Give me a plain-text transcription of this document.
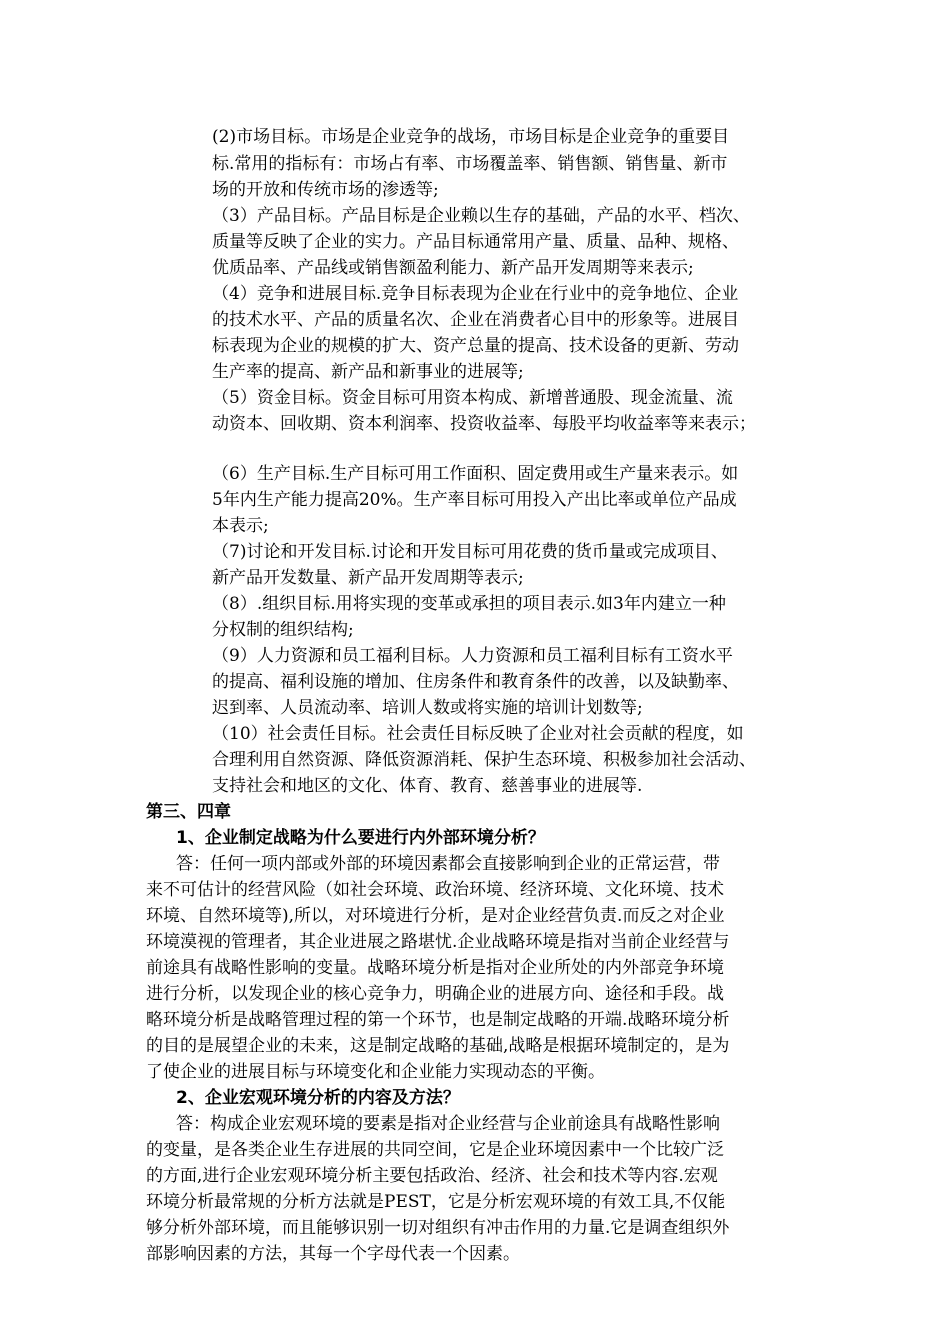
(2)市场目标。市场是企业竞争的战场，市场目标是企业竞争的重要目

标.常用的指标有：市场占有率、市场覆盖率、销售额、销售量、新市

场的开放和传统市场的渗透等;

（3）产品目标。产品目标是企业赖以生存的基础，产品的水平、档次、

质量等反映了企业的实力。产品目标通常用产量、质量、品种、规格、

优质品率、产品线或销售额盈利能力、新产品开发周期等来表示;

（4）竞争和进展目标.竞争目标表现为企业在行业中的竞争地位、企业

的技术水平、产品的质量名次、企业在消费者心目中的形象等。进展目

标表现为企业的规模的扩大、资产总量的提高、技术设备的更新、劳动

生产率的提高、新产品和新事业的进展等;

（5）资金目标。资金目标可用资本构成、新增普通股、现金流量、流

动资本、回收期、资本利润率、投资收益率、每股平均收益率等来表示；

（6）生产目标.生产目标可用工作面积、固定费用或生产量来表示。如

5年内生产能力提高20%。生产率目标可用投入产出比率或单位产品成

本表示;

（7)讨论和开发目标.讨论和开发目标可用花费的货币量或完成项目、

新产品开发数量、新产品开发周期等表示;

（8）.组织目标.用将实现的变革或承担的项目表示.如3年内建立一种

分权制的组织结构;

（9）人力资源和员工福利目标。人力资源和员工福利目标有工资水平

的提高、福利设施的增加、住房条件和教育条件的改善，以及缺勤率、

迟到率、人员流动率、培训人数或将实施的培训计划数等;

（10）社会责任目标。社会责任目标反映了企业对社会贡献的程度，如

合理利用自然资源、降低资源消耗、保护生态环境、积极参加社会活动、

支持社会和地区的文化、体育、教育、慈善事业的进展等.

第三、四章

1、企业制定战略为什么要进行内外部环境分析？

答：任何一项内部或外部的环境因素都会直接影响到企业的正常运营，带

来不可估计的经营风险（如社会环境、政治环境、经济环境、文化环境、技术

环境、自然环境等),所以，对环境进行分析，是对企业经营负责.而反之对企业

环境漠视的管理者，其企业进展之路堪忧.企业战略环境是指对当前企业经营与

前途具有战略性影响的变量。战略环境分析是指对企业所处的内外部竞争环境

进行分析，以发现企业的核心竞争力，明确企业的进展方向、途径和手段。战

略环境分析是战略管理过程的第一个环节，也是制定战略的开端.战略环境分析

的目的是展望企业的未来，这是制定战略的基础,战略是根据环境制定的，是为

了使企业的进展目标与环境变化和企业能力实现动态的平衡。

2、企业宏观环境分析的内容及方法？

答：构成企业宏观环境的要素是指对企业经营与企业前途具有战略性影响

的变量，是各类企业生存进展的共同空间，它是企业环境因素中一个比较广泛

的方面,进行企业宏观环境分析主要包括政治、经济、社会和技术等内容.宏观

环境分析最常规的分析方法就是PEST，它是分析宏观环境的有效工具,不仅能

够分析外部环境，而且能够识别一切对组织有冲击作用的力量.它是调查组织外

部影响因素的方法，其每一个字母代表一个因素。
